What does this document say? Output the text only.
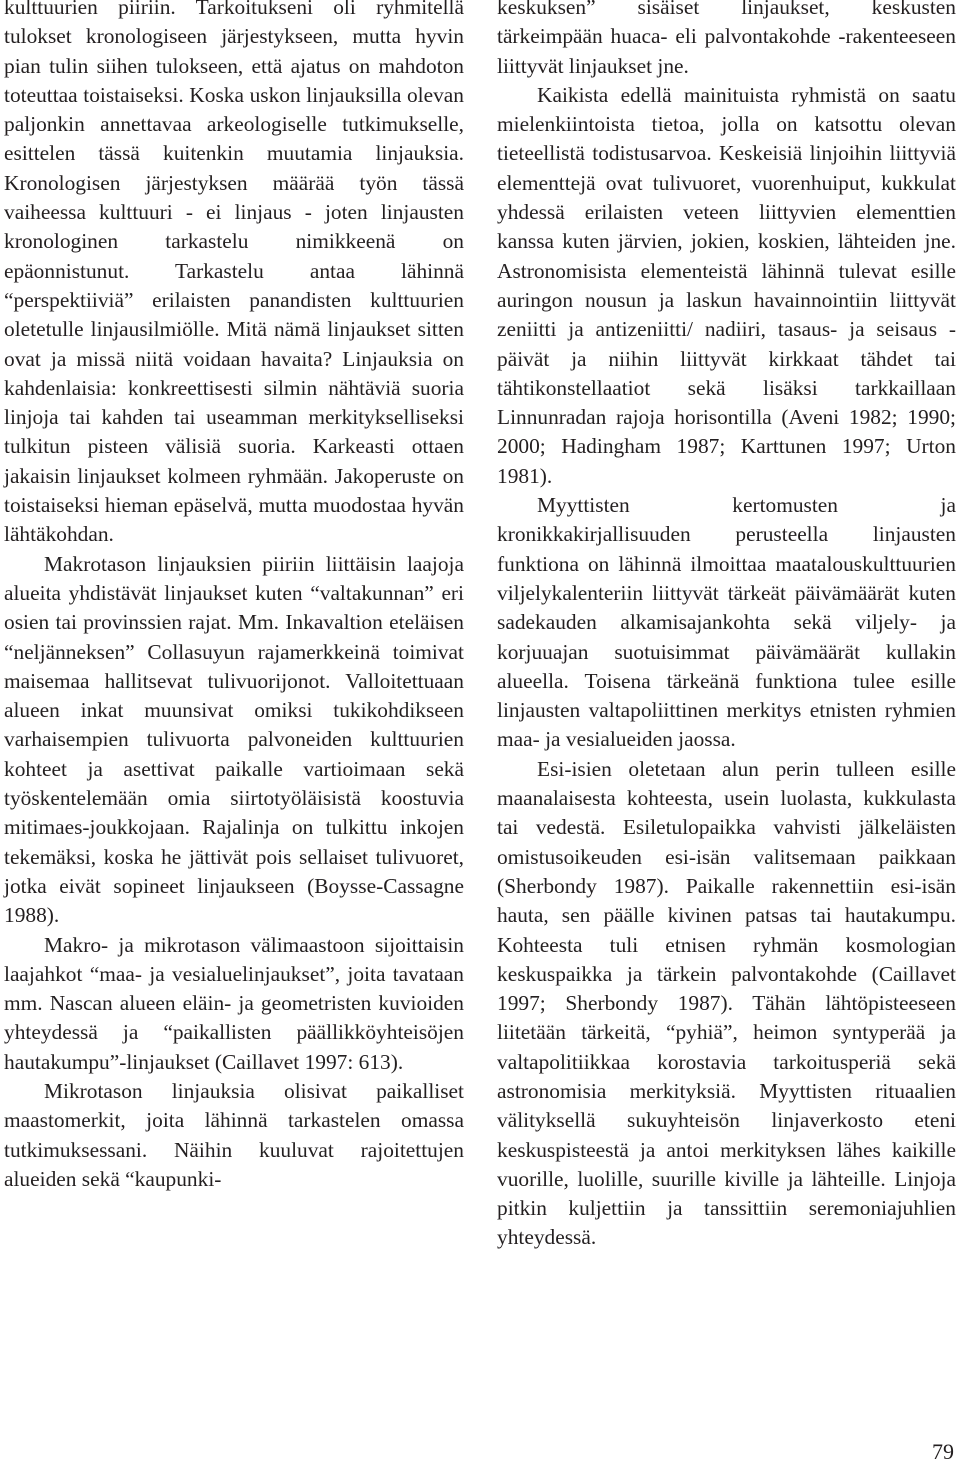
kulttuurien piiriin. Tarkoitukseni oli ryhmitellä tulokset kronologiseen järjestykseen, mutta hyvin pian tulin siihen tulokseen, että ajatus on mahdoton toteuttaa toistaiseksi. Koska uskon linjauksilla olevan paljonkin annettavaa arkeologiselle tutkimukselle, esittelen tässä kuitenkin muutamia linjauksia. Kronologisen järjestyksen määrää työn tässä vaiheessa kulttuuri - ei linjaus - joten linjausten kronologinen tarkastelu nimikkeenä on epäonnistunut. Tarkastelu antaa lähinnä “perspektiiviä” erilaisten panandisten kulttuurien oletetulle linjausilmiölle. Mitä nämä linjaukset sitten ovat ja missä niitä voidaan havaita? Linjauksia on kahdenlaisia: konkreettisesti silmin nähtäviä suoria linjoja tai kahden tai useamman merkitykselliseksi tulkitun pisteen välisiä suoria. Karkeasti ottaen jakaisin linjaukset kolmeen ryhmään. Jakoperuste on toistaiseksi hieman epäselvä, mutta muodostaa hyvän lähtäkohdan.

Makrotason linjauksien piiriin liittäisin laajoja alueita yhdistävät linjaukset kuten “valtakunnan” eri osien tai provinssien rajat. Mm. Inkavaltion eteläisen “neljänneksen” Collasuyun rajamerkkeinä toimivat maisemaa hallitsevat tulivuorijonot. Valloitettuaan alueen inkat muunsivat omiksi tukikohdikseen varhaisempien tulivuorta palvoneiden kulttuurien kohteet ja asettivat paikalle vartioimaan sekä työskentelemään omia siirtotyöläisistä koostuvia mitimaes-joukkojaan. Rajalinja on tulkittu inkojen tekemäksi, koska he jättivät pois sellaiset tulivuoret, jotka eivät sopineet linjaukseen (Boysse-Cassagne 1988).

Makro- ja mikrotason välimaastoon sijoittaisin laajahkot “maa- ja vesialuelinjaukset”, joita tavataan mm. Nascan alueen eläin- ja geometristen kuvioiden yhteydessä ja “paikallisten päällikköyhteisöjen hautakumpu”-linjaukset (Caillavet 1997: 613).

Mikrotason linjauksia olisivat paikalliset maastomerkit, joita lähinnä tarkastelen omassa tutkimuksessani. Näihin kuuluvat rajoitettujen alueiden sekä “kaupunki-

keskuksen” sisäiset linjaukset, keskusten tärkeimpään huaca- eli palvontakohde -rakenteeseen liittyvät linjaukset jne.

Kaikista edellä mainituista ryhmistä on saatu mielenkiintoista tietoa, jolla on katsottu olevan tieteellistä todistusarvoa. Keskeisiä linjoihin liittyviä elementtejä ovat tulivuoret, vuorenhuiput, kukkulat yhdessä erilaisten veteen liittyvien elementtien kanssa kuten järvien, jokien, koskien, lähteiden jne. Astronomisista elementeistä lähinnä tulevat esille auringon nousun ja laskun havainnointiin liittyvät zeniitti ja antizeniitti/ nadiiri, tasaus- ja seisaus -päivät ja niihin liittyvät kirkkaat tähdet tai tähtikonstellaatiot sekä lisäksi tarkkaillaan Linnunradan rajoja horisontilla (Aveni 1982; 1990; 2000; Hadingham 1987; Karttunen 1997; Urton 1981).

Myyttisten kertomusten ja kronikkakirjallisuuden perusteella linjausten funktiona on lähinnä ilmoittaa maatalouskulttuurien viljelykalenteriin liittyvät tärkeät päivämäärät kuten sadekauden alkamisajankohta sekä viljely- ja korjuuajan suotuisimmat päivämäärät kullakin alueella. Toisena tärkeänä funktiona tulee esille linjausten valtapoliittinen merkitys etnisten ryhmien maa- ja vesialueiden jaossa.

Esi-isien oletetaan alun perin tulleen esille maanalaisesta kohteesta, usein luolasta, kukkulasta tai vedestä. Esiletulopaikka vahvisti jälkeläisten omistusoikeuden esi-isän valitsemaan paikkaan (Sherbondy 1987). Paikalle rakennettiin esi-isän hauta, sen päälle kivinen patsas tai hautakumpu. Kohteesta tuli etnisen ryhmän kosmologian keskuspaikka ja tärkein palvontakohde (Caillavet 1997; Sherbondy 1987). Tähän lähtöpisteeseen liitetään tärkeitä, “pyhiä”, heimon syntyperää ja valtapolitiikkaa korostavia tarkoitusperiä sekä astronomisia merkityksiä. Myyttisten rituaalien välityksellä sukuyhteisön linjaverkosto eteni keskuspisteestä ja antoi merkityksen lähes kaikille vuorille, luolille, suurille kiville ja lähteille. Linjoja pitkin kuljettiin ja tanssittiin seremoniajuhlien yhteydessä.

79
